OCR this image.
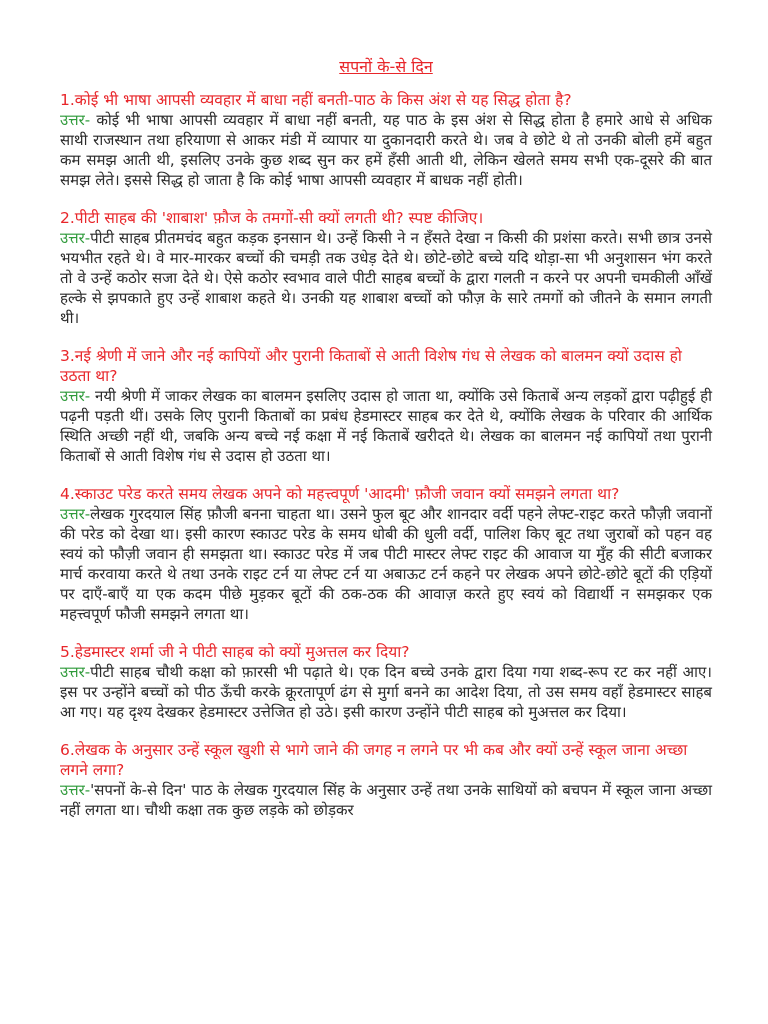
सपनों के-से दिन

1.कोई भी भाषा आपसी व्यवहार में बाधा नहीं बनती-पाठ के किस अंश से यह सिद्ध होता है?

उत्तर- कोई भी भाषा आपसी व्यवहार में बाधा नहीं बनती, यह पाठ के इस अंश से सिद्ध होता है हमारे आधे से अधिक साथी राजस्थान तथा हरियाणा से आकर मंडी में व्यापार या दुकानदारी करते थे। जब वे छोटे थे तो उनकी बोली हमें बहुत कम समझ आती थी, इसलिए उनके कुछ शब्द सुन कर हमें हँसी आती थी, लेकिन खेलते समय सभी एक-दूसरे की बात समझ लेते। इससे सिद्ध हो जाता है कि कोई भाषा आपसी व्यवहार में बाधक नहीं होती।

2.पीटी साहब की 'शाबाश' फ़ौज के तमगों-सी क्यों लगती थी? स्पष्ट कीजिए।

उत्तर-पीटी साहब प्रीतमचंद बहुत कड़क इनसान थे। उन्हें किसी ने न हँसते देखा न किसी की प्रशंसा करते। सभी छात्र उनसे भयभीत रहते थे। वे मार-मारकर बच्चों की चमड़ी तक उधेड़ देते थे। छोटे-छोटे बच्चे यदि थोड़ा-सा भी अनुशासन भंग करते तो वे उन्हें कठोर सजा देते थे। ऐसे कठोर स्वभाव वाले पीटी साहब बच्चों के द्वारा गलती न करने पर अपनी चमकीली आँखें हल्के से झपकाते हुए उन्हें शाबाश कहते थे। उनकी यह शाबाश बच्चों को फौज़ के सारे तमगों को जीतने के समान लगती थी।

3.नई श्रेणी में जाने और नई कापियों और पुरानी किताबों से आती विशेष गंध से लेखक को बालमन क्यों उदास हो उठता था?

उत्तर- नयी श्रेणी में जाकर लेखक का बालमन इसलिए उदास हो जाता था, क्योंकि उसे किताबें अन्य लड़कों द्वारा पढ़ीहुई ही पढ़नी पड़ती थीं। उसके लिए पुरानी किताबों का प्रबंध हेडमास्टर साहब कर देते थे, क्योंकि लेखक के परिवार की आर्थिक स्थिति अच्छी नहीं थी, जबकि अन्य बच्चे नई कक्षा में नई किताबें खरीदते थे। लेखक का बालमन नई कापियों तथा पुरानी किताबों से आती विशेष गंध से उदास हो उठता था।

4.स्काउट परेड करते समय लेखक अपने को महत्त्वपूर्ण 'आदमी' फ़ौजी जवान क्यों समझने लगता था?

उत्तर-लेखक गुरदयाल सिंह फ़ौजी बनना चाहता था। उसने फुल बूट और शानदार वर्दी पहने लेफ्ट-राइट करते फौज़ी जवानों की परेड को देखा था। इसी कारण स्काउट परेड के समय धोबी की धुली वर्दी, पालिश किए बूट तथा जुराबों को पहन वह स्वयं को फौज़ी जवान ही समझता था। स्काउट परेड में जब पीटी मास्टर लेफ्ट राइट की आवाज या मुँह की सीटी बजाकर मार्च करवाया करते थे तथा उनके राइट टर्न या लेफ्ट टर्न या अबाऊट टर्न कहने पर लेखक अपने छोटे-छोटे बूटों की एड़ियों पर दाएँ-बाएँ या एक कदम पीछे मुड़कर बूटों की ठक-ठक की आवाज़ करते हुए स्वयं को विद्यार्थी न समझकर एक महत्त्वपूर्ण फौजी समझने लगता था।

5.हेडमास्टर शर्मा जी ने पीटी साहब को क्यों मुअत्तल कर दिया?

उत्तर-पीटी साहब चौथी कक्षा को फ़ारसी भी पढ़ाते थे। एक दिन बच्चे उनके द्वारा दिया गया शब्द-रूप रट कर नहीं आए। इस पर उन्होंने बच्चों को पीठ ऊँची करके क्रूरतापूर्ण ढंग से मुर्गा बनने का आदेश दिया, तो उस समय वहाँ हेडमास्टर साहब आ गए। यह दृश्य देखकर हेडमास्टर उत्तेजित हो उठे। इसी कारण उन्होंने पीटी साहब को मुअत्तल कर दिया।

6.लेखक के अनुसार उन्हें स्कूल खुशी से भागे जाने की जगह न लगने पर भी कब और क्यों उन्हें स्कूल जाना अच्छा लगने लगा?

उत्तर-'सपनों के-से दिन' पाठ के लेखक गुरदयाल सिंह के अनुसार उन्हें तथा उनके साथियों को बचपन में स्कूल जाना अच्छा नहीं लगता था। चौथी कक्षा तक कुछ लड़के को छोड़कर
